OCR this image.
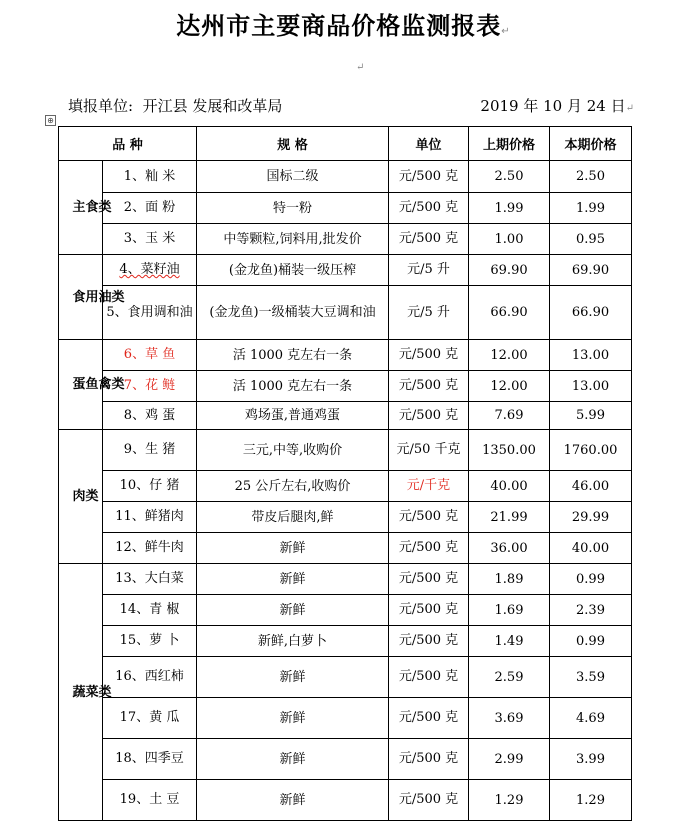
达州市主要商品价格监测报表↵
↵
填报单位: 开江县 发展和改革局	2019 年 10 月 24 日↵
⊕
品 种		规 格	单位	上期价格	本期价格

主食类	1、籼 米	国标二级	元/500 克	2.50	2.50
	2、面 粉	特一粉	元/500 克	1.99	1.99
	3、玉 米	中等颗粒,饲料用,批发价	元/500 克	1.00	0.95

食用油类	4、菜籽油	(金龙鱼)桶装一级压榨	元/5 升	69.90	69.90
	5、食用调和油	(金龙鱼)一级桶装大豆调和油	元/5 升	66.90	66.90

蛋鱼禽类	6、草 鱼	活 1000 克左右一条	元/500 克	12.00	13.00
	7、花 鲢	活 1000 克左右一条	元/500 克	12.00	13.00
	8、鸡 蛋	鸡场蛋,普通鸡蛋	元/500 克	7.69	5.99

肉类	9、生 猪	三元,中等,收购价	元/50 千克	1350.00	1760.00
	10、仔 猪	25 公斤左右,收购价	元/千克	40.00	46.00
	11、鲜猪肉	带皮后腿肉,鲜	元/500 克	21.99	29.99
	12、鲜牛肉	新鲜	元/500 克	36.00	40.00

蔬菜类	13、大白菜	新鲜	元/500 克	1.89	0.99
	14、青 椒	新鲜	元/500 克	1.69	2.39
	15、萝 卜	新鲜,白萝卜	元/500 克	1.49	0.99
	16、西红柿	新鲜	元/500 克	2.59	3.59
	17、黄 瓜	新鲜	元/500 克	3.69	4.69
	18、四季豆	新鲜	元/500 克	2.99	3.99
	19、土 豆	新鲜	元/500 克	1.29	1.29
